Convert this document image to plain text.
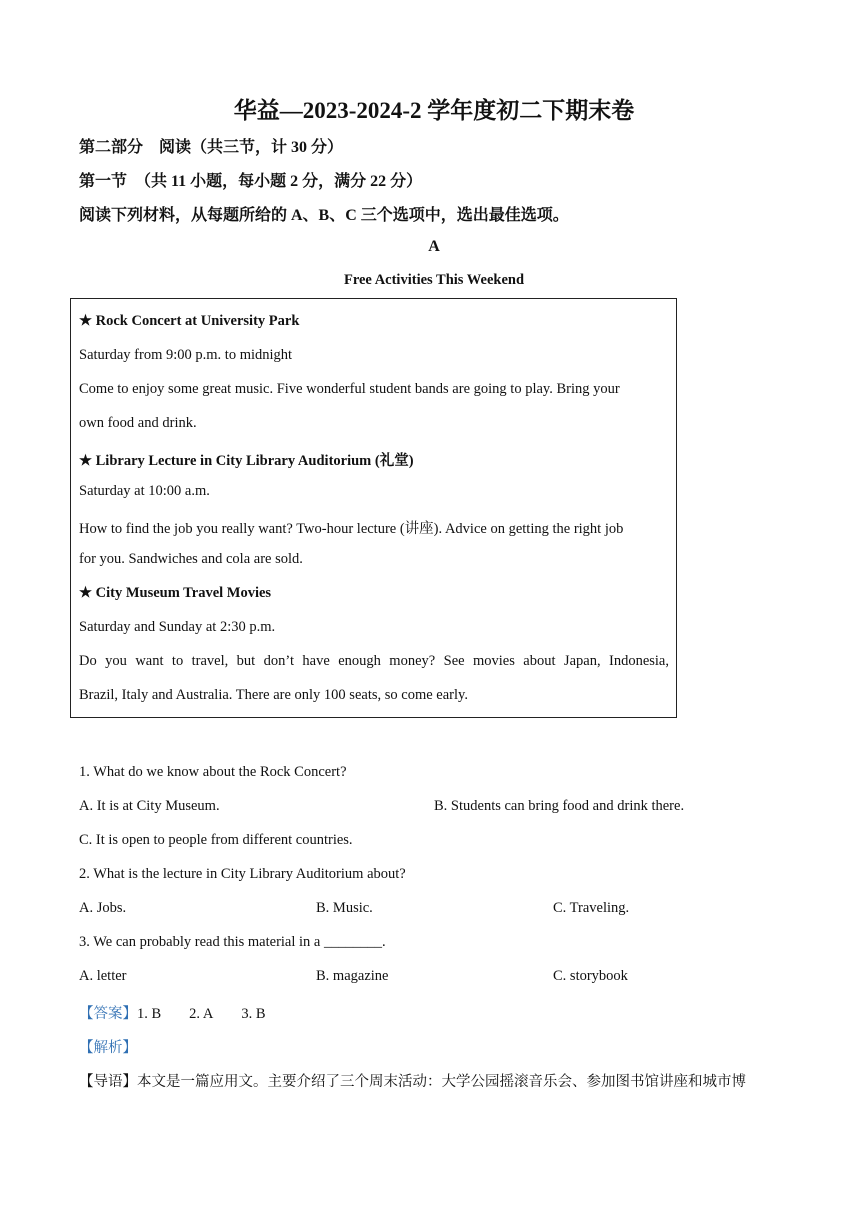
华益—2023-2024-2 学年度初二下期末卷
第二部分　阅读（共三节，计 30 分）
第一节　（共 11 小题，每小题 2 分，满分 22 分）
阅读下列材料，从每题所给的 A、B、C 三个选项中，选出最佳选项。
A
Free Activities This Weekend
★ Rock Concert at University Park
Saturday from 9:00 p.m. to midnight
Come to enjoy some great music. Five wonderful student bands are going to play. Bring your
own food and drink.
★ Library Lecture in City Library Auditorium (礼堂)
Saturday at 10:00 a.m.
How to find the job you really want? Two-hour lecture (讲座). Advice on getting the right job
for you. Sandwiches and cola are sold.
★ City Museum Travel Movies
Saturday and Sunday at 2:30 p.m.
Do you want to travel, but don’t have enough money? See movies about Japan, Indonesia,
Brazil, Italy and Australia. There are only 100 seats, so come early.
1. What do we know about the Rock Concert?
A. It is at City Museum.	B. Students can bring food and drink there.
C. It is open to people from different countries.
2. What is the lecture in City Library Auditorium about?
A. Jobs.	B. Music.	C. Traveling.
3. We can probably read this material in a ________.
A. letter	B. magazine	C. storybook
【答案】1. B 2. A 3. B
【解析】
【导语】本文是一篇应用文。主要介绍了三个周末活动：大学公园摇滚音乐会、参加图书馆讲座和城市博
